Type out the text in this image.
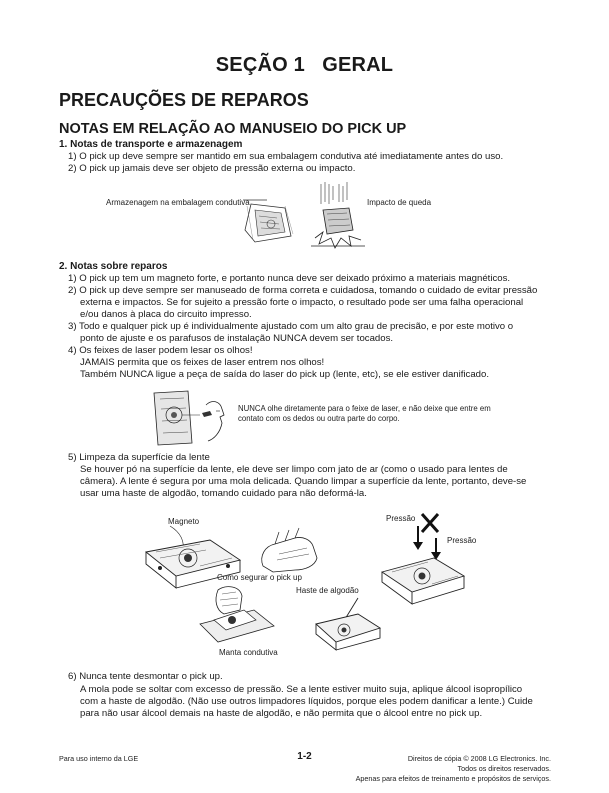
SEÇÃO 1   GERAL
PRECAUÇÕES DE REPAROS
NOTAS EM RELAÇÃO AO MANUSEIO DO PICK UP
1. Notas de transporte e armazenagem
1) O pick up deve sempre ser mantido em sua embalagem condutiva até imediatamente antes do uso.
2) O pick up jamais deve ser objeto de pressão externa ou impacto.
Armazenagem na embalagem condutiva	Impacto de queda
2. Notas sobre reparos
1) O pick up tem um magneto forte, e portanto nunca deve ser deixado próximo a materiais magnéticos.
2) O pick up deve sempre ser manuseado de forma correta e cuidadosa, tomando o cuidado de evitar pressão
externa e impactos. Se for sujeito a pressão forte o impacto, o resultado pode ser uma falha operacional
e/ou danos à placa do circuito impresso.
3) Todo e qualquer pick up é individualmente ajustado com um alto grau de precisão, e por este motivo o
ponto de ajuste e os parafusos de instalação NUNCA devem ser tocados.
4) Os feixes de laser podem lesar os olhos!
JAMAIS permita que os feixes de laser entrem nos olhos!
Também NUNCA ligue a peça de saída do laser do pick up (lente, etc), se ele estiver danificado.
NUNCA olhe diretamente para o feixe de laser, e não deixe que entre em
contato com os dedos ou outra parte do corpo.
5) Limpeza da superfície da lente
Se houver pó na superfície da lente, ele deve ser limpo com jato de ar (como o usado para lentes de
câmera). A lente é segura por uma mola delicada. Quando limpar a superfície da lente, portanto, deve-se
usar uma haste de algodão, tomando cuidado para não deformá-la.
Magneto
Como segurar o pick up
Haste de algodão
Manta condutiva
Pressão
Pressão
6) Nunca tente desmontar o pick up.
A mola pode se soltar com excesso de pressão. Se a lente estiver muito suja, aplique álcool isopropílico
com a haste de algodão. (Não use outros limpadores líquidos, porque eles podem danificar a lente.) Cuide
para não usar álcool demais na haste de algodão, e não permita que o álcool entre no pick up.
Para uso interno da LGE	1-2	Direitos de cópia © 2008 LG Electronics. Inc.
Todos os direitos reservados.
Apenas para efeitos de treinamento e propósitos de serviços.
